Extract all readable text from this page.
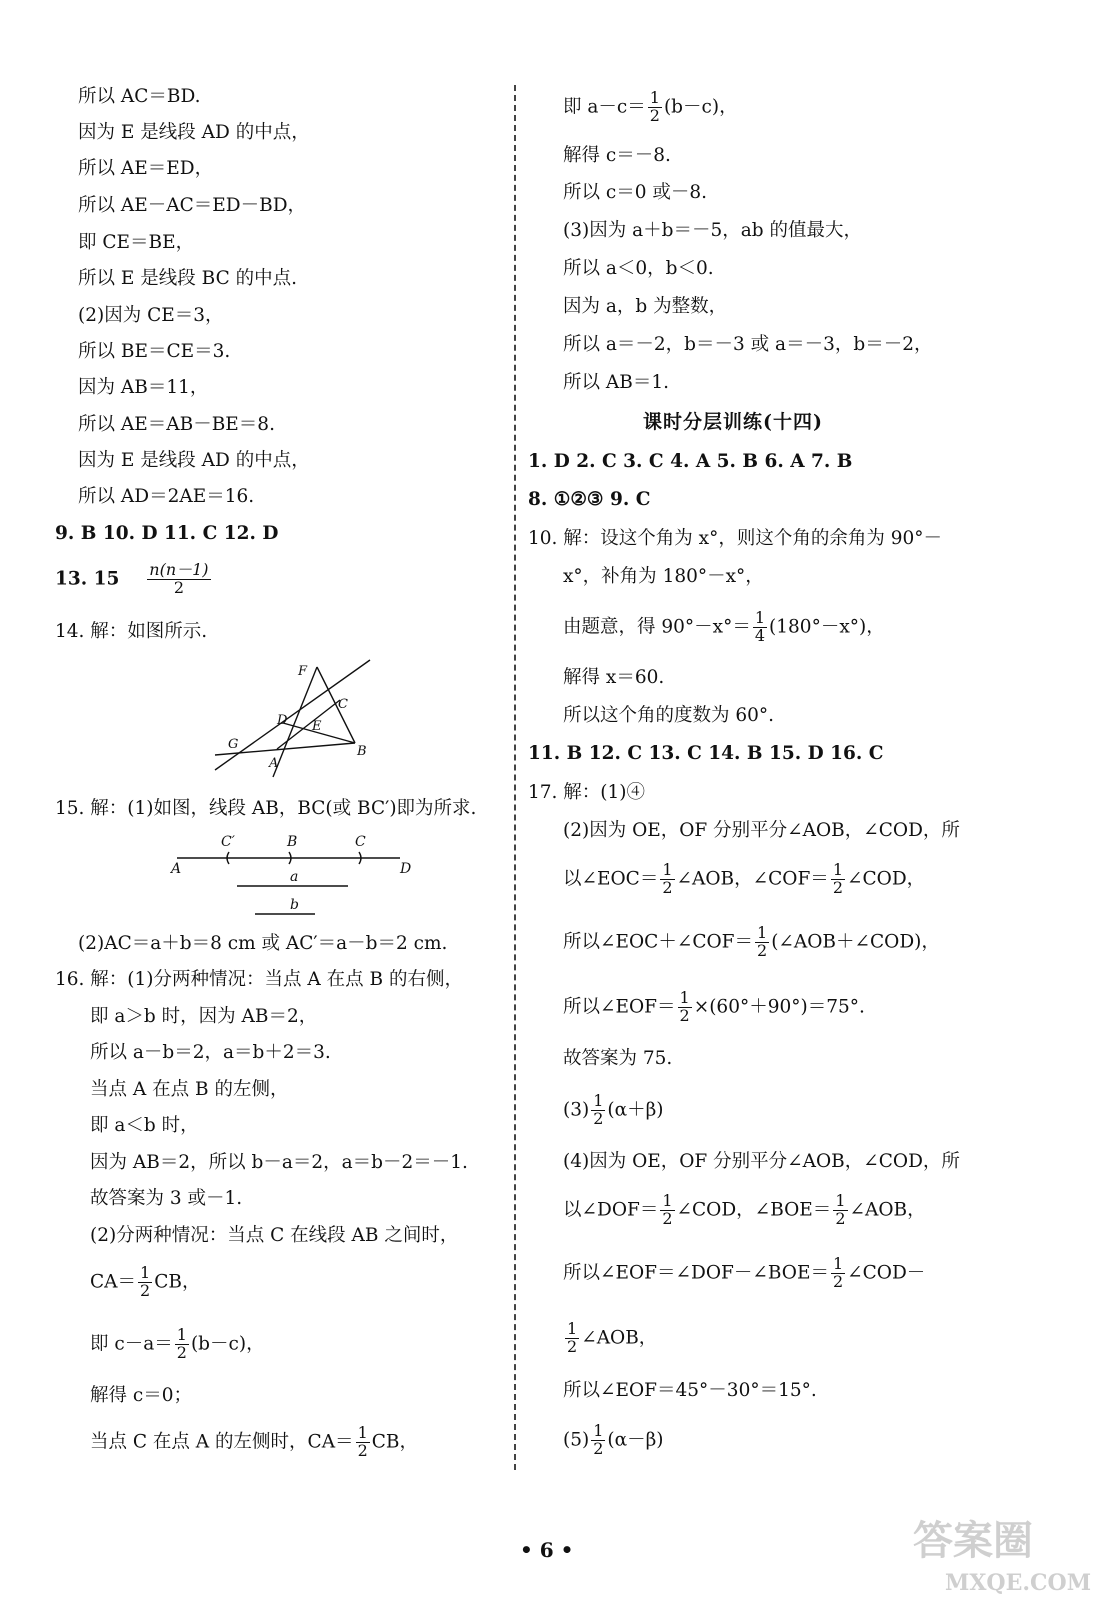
所以 AC＝BD.
因为 E 是线段 AD 的中点，
所以 AE＝ED，
所以 AE－AC＝ED－BD，
即 CE＝BE，
所以 E 是线段 BC 的中点.
(2)因为 CE＝3，
所以 BE＝CE＝3.
因为 AB＝11，
所以 AE＝AB－BE＝8.
因为 E 是线段 AD 的中点，
所以 AD＝2AE＝16.
9. B 10. D 11. C 12. D
13. $15 \frac{n(n-1)}{2}$
14. 解：如图所示.
F
C
D E
G	B
A
15. 解：(1)如图，线段 AB，BC(或 BC′)即为所求.
A
C′	B	C
D
a
b
(2)AC＝a＋b＝8 cm 或 AC′＝a－b＝2 cm.
16. 解：(1)分两种情况：当点 A 在点 B 的右侧，
即 a＞b 时，因为 AB＝2，
所以 a－b＝2，a＝b＋2＝3.
当点 A 在点 B 的左侧，
即 a＜b 时，
因为 AB＝2，所以 b－a＝2，a＝b－2＝－1.
故答案为 3 或－1.
(2)分两种情况：当点 C 在线段 AB 之间时，
$CA= \frac{1}{2}$ CB，
即 $c-a= \frac{1}{2} (b-c)$，
解得 c＝0；
当点 C 在点 A 的左侧时，$CA= \frac{1}{2}$ CB，
即 $a-c= \frac{1}{2} (b-c)$，
解得 c＝－8.
所以 c＝0 或－8.
(3)因为 a＋b＝－5，ab 的值最大，
所以 a＜0，b＜0.
因为 a，b 为整数，
所以 a＝－2，b＝－3 或 a＝－3，b＝－2，
所以 AB＝1.
课时分层训练(十四)
1. D 2. C 3. C 4. A 5. B 6. A 7. B
8. ①②③ 9. C
10. 解：设这个角为 x°，则这个角的余角为 90°－
x°，补角为 180°－x°，
由题意，得 $90^\circ-x^\circ= \frac{1}{4} (180^\circ-x^\circ)$，
解得 x＝60.
所以这个角的度数为 60°.
11. B 12. C 13. C 14. B 15. D 16. C
17. 解：(1)④
(2)因为 OE，OF 分别平分∠AOB，∠COD，所
以∠EOC＝ $\frac{1}{2}$ ∠AOB，∠COF＝ $\frac{1}{2}$ ∠COD，
所以∠EOC＋∠COF＝ $\frac{1}{2}$ (∠AOB＋∠COD)，
所以∠EOF＝ $\frac{1}{2} \times(60^\circ+90^\circ)=75^\circ$.
故答案为 75.
$(3) \frac{1}{2} (\alpha+\beta)$
(4)因为 OE，OF 分别平分∠AOB，∠COD，所
以∠DOF＝ $\frac{1}{2}$ ∠COD，∠BOE＝ $\frac{1}{2}$ ∠AOB，
所以∠EOF＝∠DOF－∠BOE＝ $\frac{1}{2}$ ∠COD－
$\frac{1}{2}$ ∠AOB，
所以∠EOF＝45°－30°＝15°.
$(5) \frac{1}{2} (\alpha-\beta)$
• 6 •	答案圈
MXQE.COM
